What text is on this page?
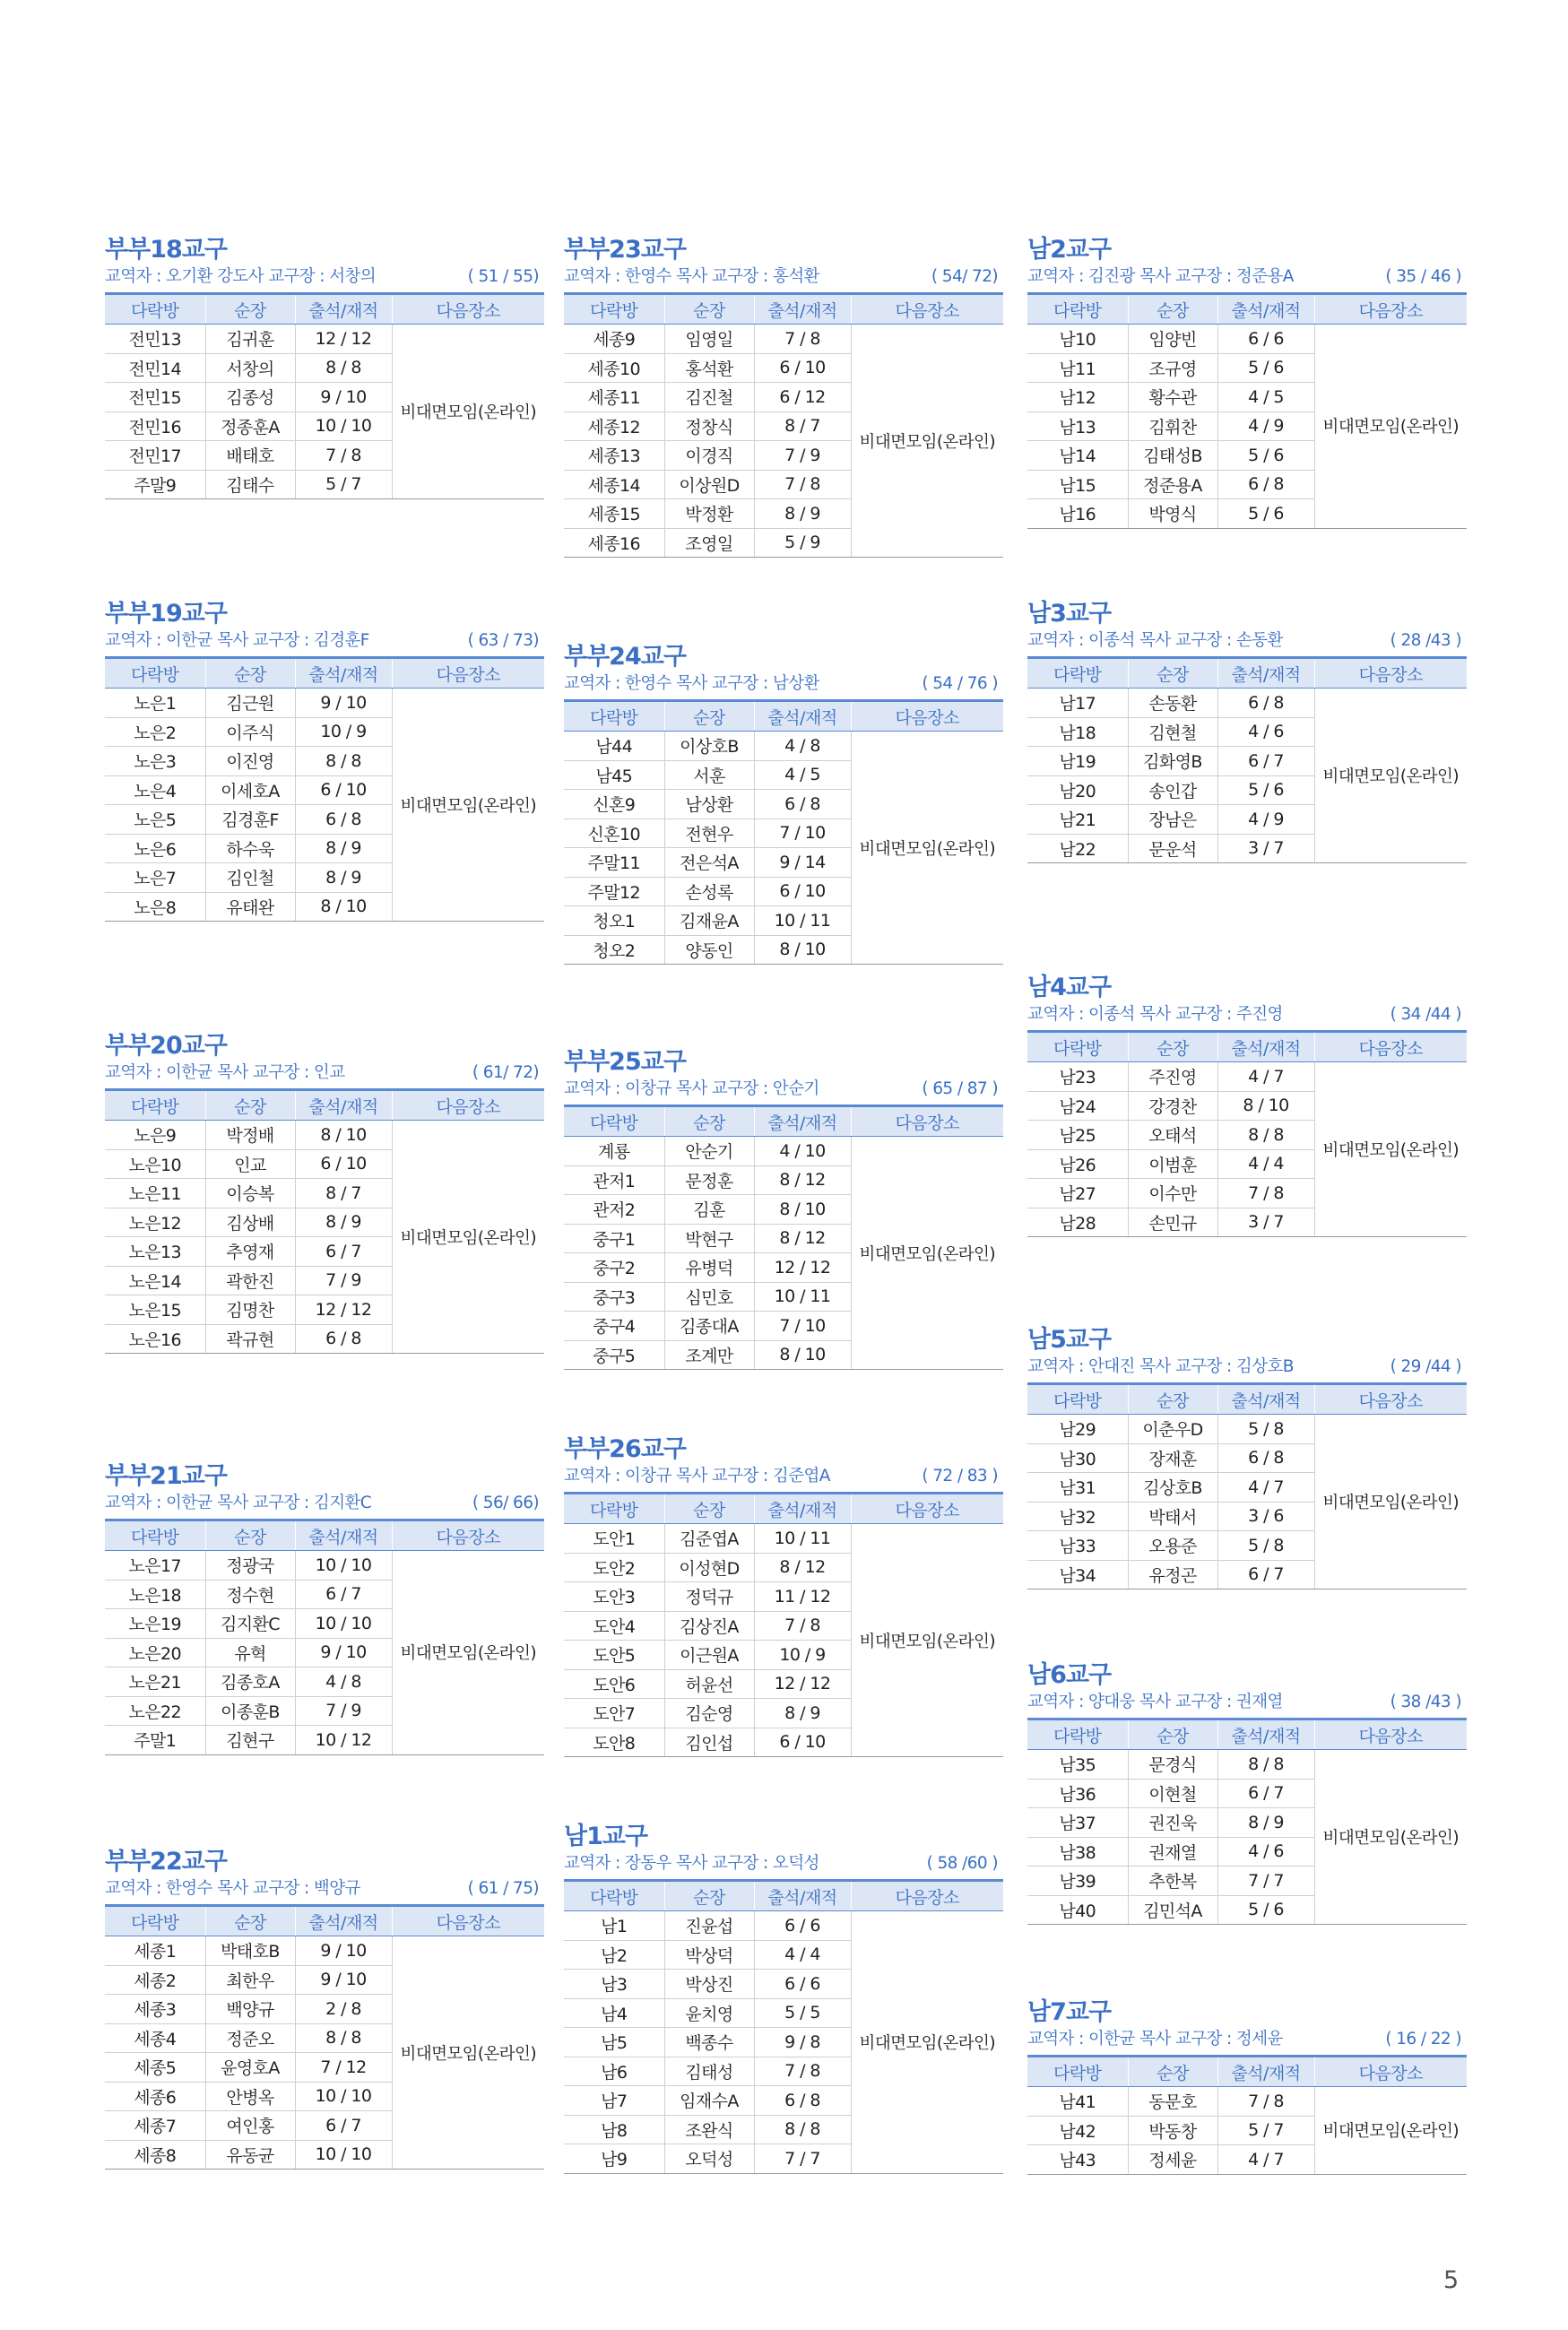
부부18교구
교역자 : 오기환 강도사 교구장 : 서창의	( 51 / 55)
다락방	순장	출석/재적	다음장소
전민13	김귀훈	12 / 12	비대면모임(온라인)
전민14	서창의	8 / 8	
전민15	김종성	9 / 10	
전민16	정종훈A	10 / 10	
전민17	배태호	7 / 8	
주말9	김태수	5 / 7	
부부19교구
교역자 : 이한균 목사 교구장 : 김경훈F	( 63 / 73)
다락방	순장	출석/재적	다음장소
노은1	김근원	9 / 10	비대면모임(온라인)
노은2	이주식	10 / 9	
노은3	이진영	8 / 8	
노은4	이세호A	6 / 10	
노은5	김경훈F	6 / 8	
노은6	하수욱	8 / 9	
노은7	김인철	8 / 9	
노은8	유태완	8 / 10	
부부20교구
교역자 : 이한균 목사 교구장 : 인교	( 61/ 72)
다락방	순장	출석/재적	다음장소
노은9	박정배	8 / 10	비대면모임(온라인)
노은10	인교	6 / 10	
노은11	이승복	8 / 7	
노은12	김상배	8 / 9	
노은13	추영재	6 / 7	
노은14	곽한진	7 / 9	
노은15	김명찬	12 / 12	
노은16	곽규현	6 / 8	
부부21교구
교역자 : 이한균 목사 교구장 : 김지환C	( 56/ 66)
다락방	순장	출석/재적	다음장소
노은17	정광국	10 / 10	비대면모임(온라인)
노은18	정수현	6 / 7	
노은19	김지환C	10 / 10	
노은20	유혁	9 / 10	
노은21	김종호A	4 / 8	
노은22	이종훈B	7 / 9	
주말1	김현구	10 / 12	
부부22교구
교역자 : 한영수 목사 교구장 : 백양규	( 61 / 75)
다락방	순장	출석/재적	다음장소
세종1	박태호B	9 / 10	비대면모임(온라인)
세종2	최한우	9 / 10	
세종3	백양규	2 / 8	
세종4	정준오	8 / 8	
세종5	윤영호A	7 / 12	
세종6	안병옥	10 / 10	
세종7	여인홍	6 / 7	
세종8	유동균	10 / 10	
부부23교구
교역자 : 한영수 목사 교구장 : 홍석환	( 54/ 72)
다락방	순장	출석/재적	다음장소
세종9	임영일	7 / 8	비대면모임(온라인)
세종10	홍석환	6 / 10	
세종11	김진철	6 / 12	
세종12	정창식	8 / 7	
세종13	이경직	7 / 9	
세종14	이상원D	7 / 8	
세종15	박정환	8 / 9	
세종16	조영일	5 / 9	
부부24교구
교역자 : 한영수 목사 교구장 : 남상환	( 54 / 76 )
다락방	순장	출석/재적	다음장소
남44	이상호B	4 / 8	비대면모임(온라인)
남45	서훈	4 / 5	
신혼9	남상환	6 / 8	
신혼10	전현우	7 / 10	
주말11	전은석A	9 / 14	
주말12	손성록	6 / 10	
청오1	김재윤A	10 / 11	
청오2	양동인	8 / 10	
부부25교구
교역자 : 이창규 목사 교구장 : 안순기	( 65 / 87 )
다락방	순장	출석/재적	다음장소
계룡	안순기	4 / 10	비대면모임(온라인)
관저1	문정훈	8 / 12	
관저2	김훈	8 / 10	
중구1	박현구	8 / 12	
중구2	유병덕	12 / 12	
중구3	심민호	10 / 11	
중구4	김종대A	7 / 10	
중구5	조계만	8 / 10	
부부26교구
교역자 : 이창규 목사 교구장 : 김준엽A	( 72 / 83 )
다락방	순장	출석/재적	다음장소
도안1	김준엽A	10 / 11	비대면모임(온라인)
도안2	이성현D	8 / 12	
도안3	정덕규	11 / 12	
도안4	김상진A	7 / 8	
도안5	이근원A	10 / 9	
도안6	허윤선	12 / 12	
도안7	김순영	8 / 9	
도안8	김인섭	6 / 10	
남1교구
교역자 : 장동우 목사 교구장 : 오덕성	( 58 /60 )
다락방	순장	출석/재적	다음장소
남1	진윤섭	6 / 6	비대면모임(온라인)
남2	박상덕	4 / 4	
남3	박상진	6 / 6	
남4	윤치영	5 / 5	
남5	백종수	9 / 8	
남6	김태성	7 / 8	
남7	임재수A	6 / 8	
남8	조완식	8 / 8	
남9	오덕성	7 / 7	
남2교구
교역자 : 김진광 목사 교구장 : 정준용A	( 35 / 46 )
다락방	순장	출석/재적	다음장소
남10	임양빈	6 / 6	비대면모임(온라인)
남11	조규영	5 / 6	
남12	황수관	4 / 5	
남13	김휘찬	4 / 9	
남14	김태성B	5 / 6	
남15	정준용A	6 / 8	
남16	박영식	5 / 6	
남3교구
교역자 : 이종석 목사 교구장 : 손동환	( 28 /43 )
다락방	순장	출석/재적	다음장소
남17	손동환	6 / 8	비대면모임(온라인)
남18	김현철	4 / 6	
남19	김화영B	6 / 7	
남20	송인갑	5 / 6	
남21	장남은	4 / 9	
남22	문운석	3 / 7	
남4교구
교역자 : 이종석 목사 교구장 : 주진영	( 34 /44 )
다락방	순장	출석/재적	다음장소
남23	주진영	4 / 7	비대면모임(온라인)
남24	강경찬	8 / 10	
남25	오태석	8 / 8	
남26	이범훈	4 / 4	
남27	이수만	7 / 8	
남28	손민규	3 / 7	
남5교구
교역자 : 안대진 목사 교구장 : 김상호B	( 29 /44 )
다락방	순장	출석/재적	다음장소
남29	이춘우D	5 / 8	비대면모임(온라인)
남30	장재훈	6 / 8	
남31	김상호B	4 / 7	
남32	박태서	3 / 6	
남33	오용준	5 / 8	
남34	유정곤	6 / 7	
남6교구
교역자 : 양대웅 목사 교구장 : 권재열	( 38 /43 )
다락방	순장	출석/재적	다음장소
남35	문경식	8 / 8	비대면모임(온라인)
남36	이현철	6 / 7	
남37	권진욱	8 / 9	
남38	권재열	4 / 6	
남39	추한복	7 / 7	
남40	김민석A	5 / 6	
남7교구
교역자 : 이한균 목사 교구장 : 정세윤	( 16 / 22 )
다락방	순장	출석/재적	다음장소
남41	동문호	7 / 8	비대면모임(온라인)
남42	박동창	5 / 7	
남43	정세윤	4 / 7	
5
